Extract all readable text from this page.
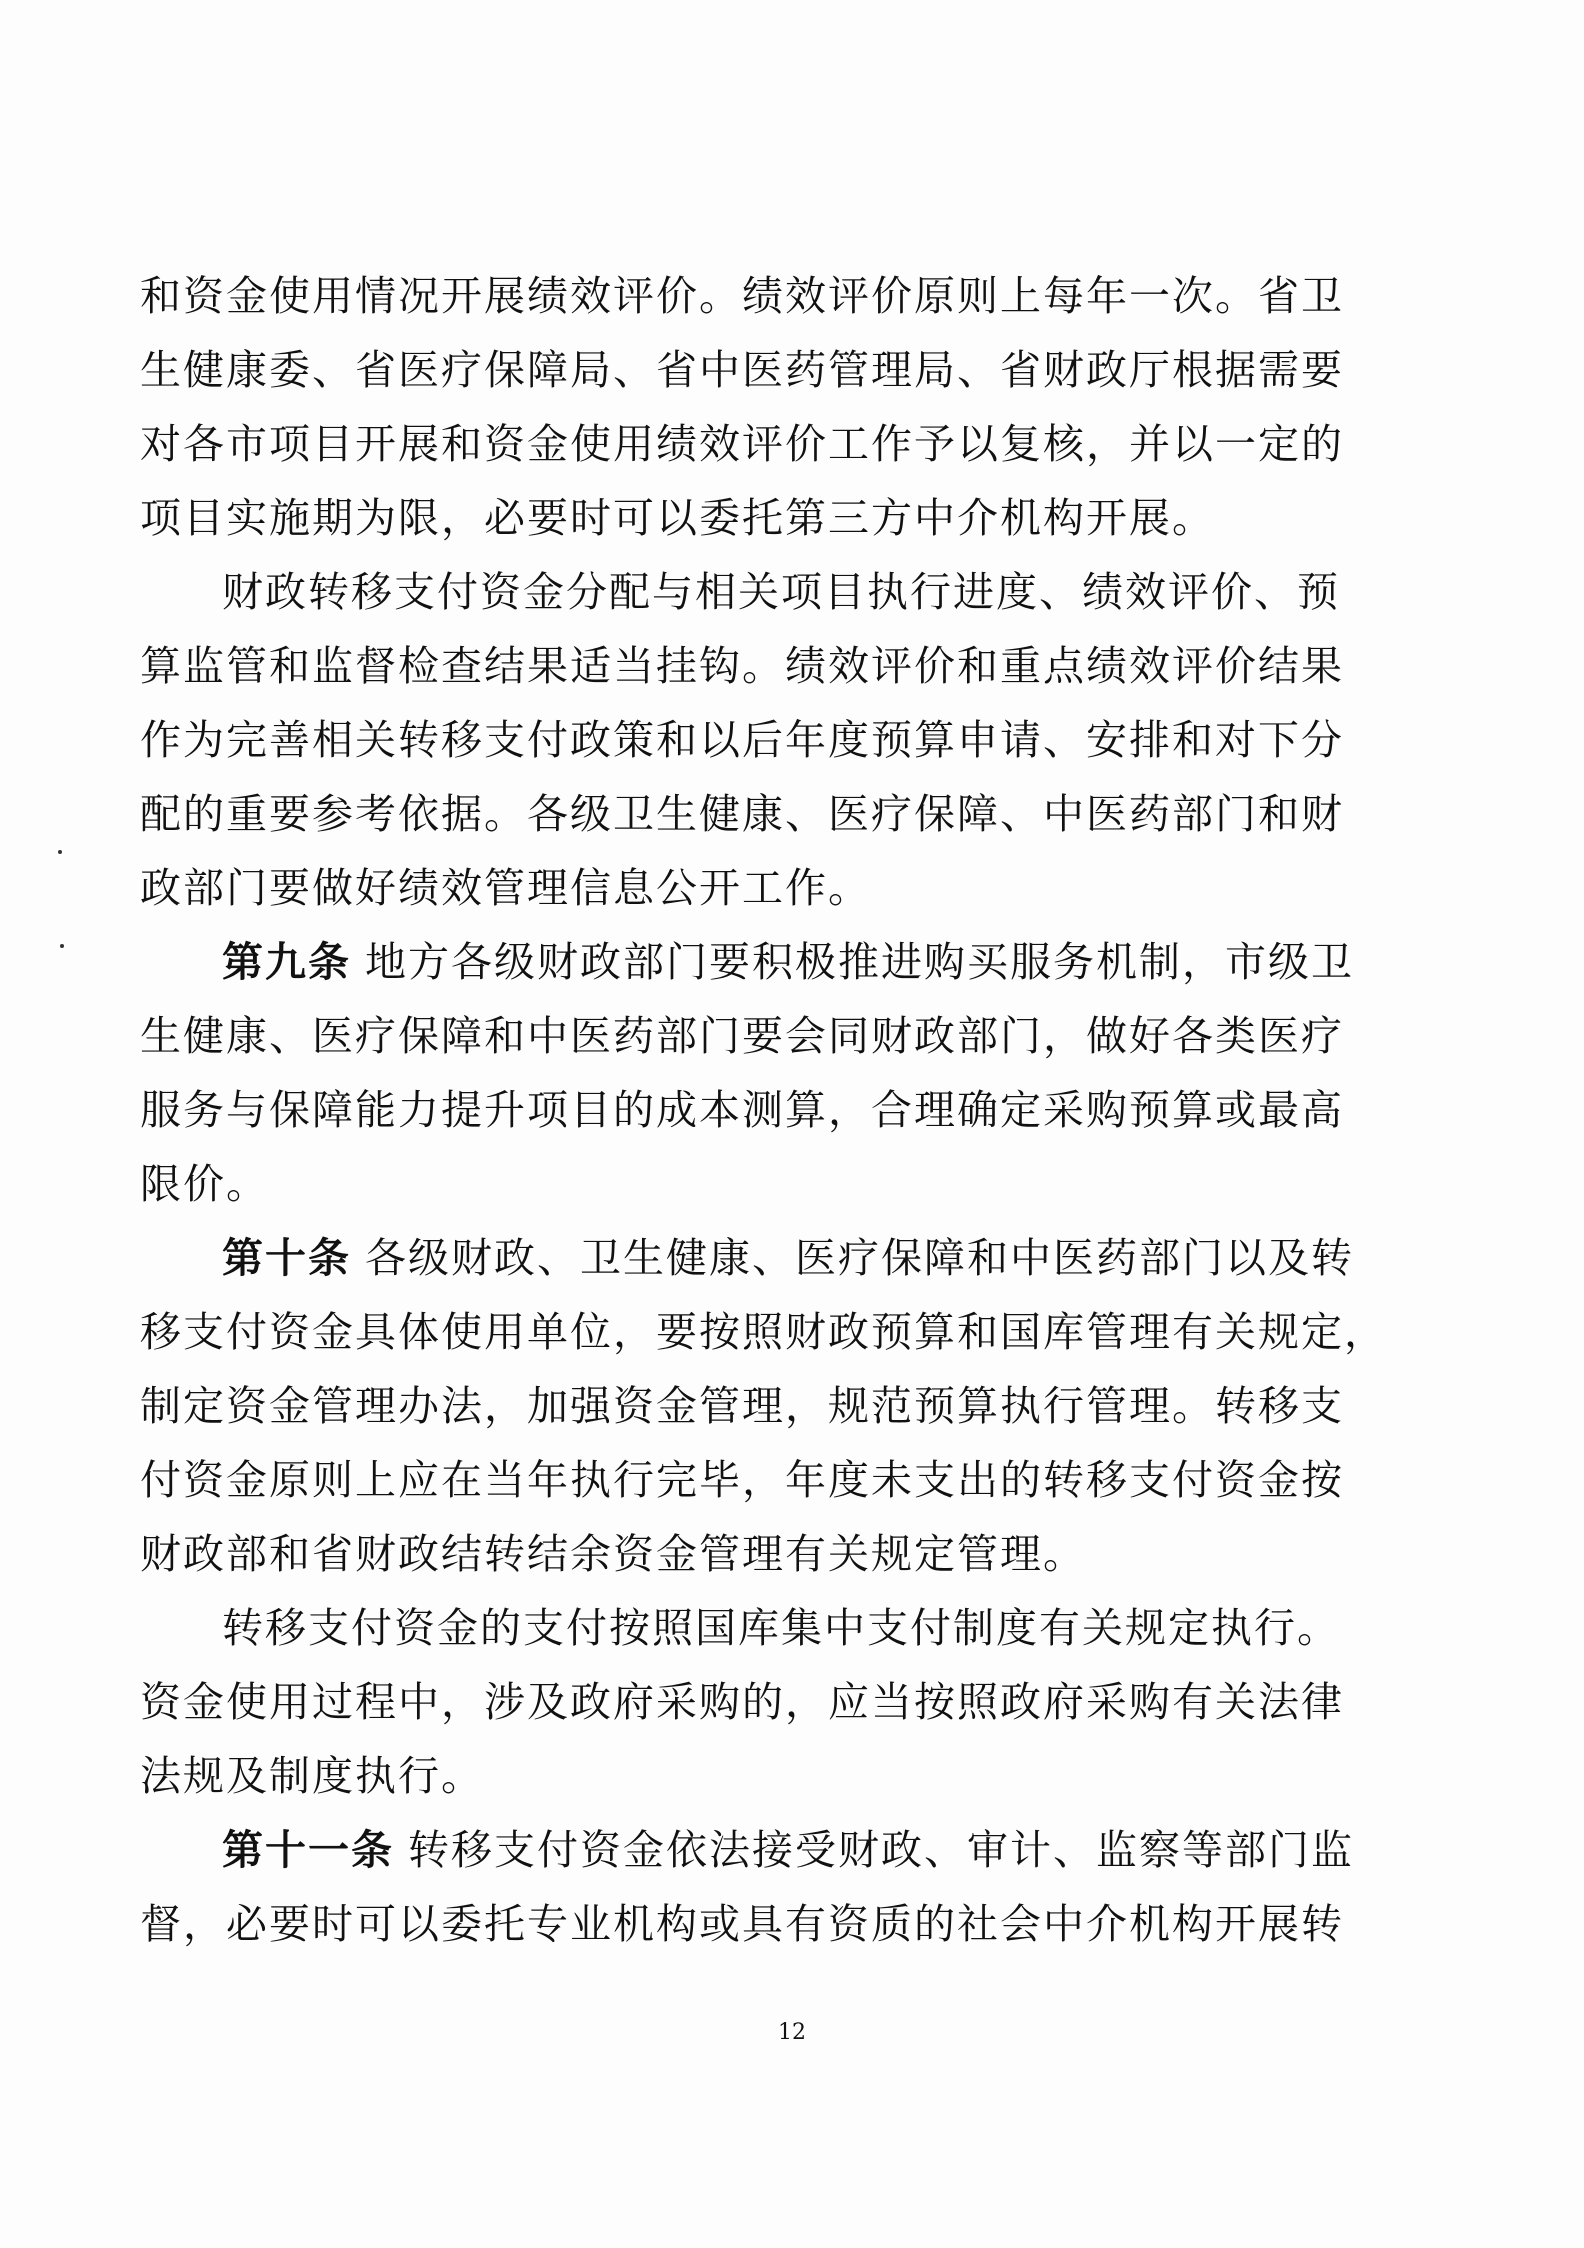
和资金使用情况开展绩效评价。绩效评价原则上每年一次。省卫
生健康委、省医疗保障局、省中医药管理局、省财政厅根据需要
对各市项目开展和资金使用绩效评价工作予以复核，并以一定的
项目实施期为限，必要时可以委托第三方中介机构开展。
财政转移支付资金分配与相关项目执行进度、绩效评价、预
算监管和监督检查结果适当挂钩。绩效评价和重点绩效评价结果
作为完善相关转移支付政策和以后年度预算申请、安排和对下分
配的重要参考依据。各级卫生健康、医疗保障、中医药部门和财
政部门要做好绩效管理信息公开工作。
第九条 地方各级财政部门要积极推进购买服务机制，市级卫
生健康、医疗保障和中医药部门要会同财政部门，做好各类医疗
服务与保障能力提升项目的成本测算，合理确定采购预算或最高
限价。
第十条 各级财政、卫生健康、医疗保障和中医药部门以及转
移支付资金具体使用单位，要按照财政预算和国库管理有关规定，
制定资金管理办法，加强资金管理，规范预算执行管理。转移支
付资金原则上应在当年执行完毕，年度未支出的转移支付资金按
财政部和省财政结转结余资金管理有关规定管理。
转移支付资金的支付按照国库集中支付制度有关规定执行。
资金使用过程中，涉及政府采购的，应当按照政府采购有关法律
法规及制度执行。
第十一条 转移支付资金依法接受财政、审计、监察等部门监
督，必要时可以委托专业机构或具有资质的社会中介机构开展转
12
